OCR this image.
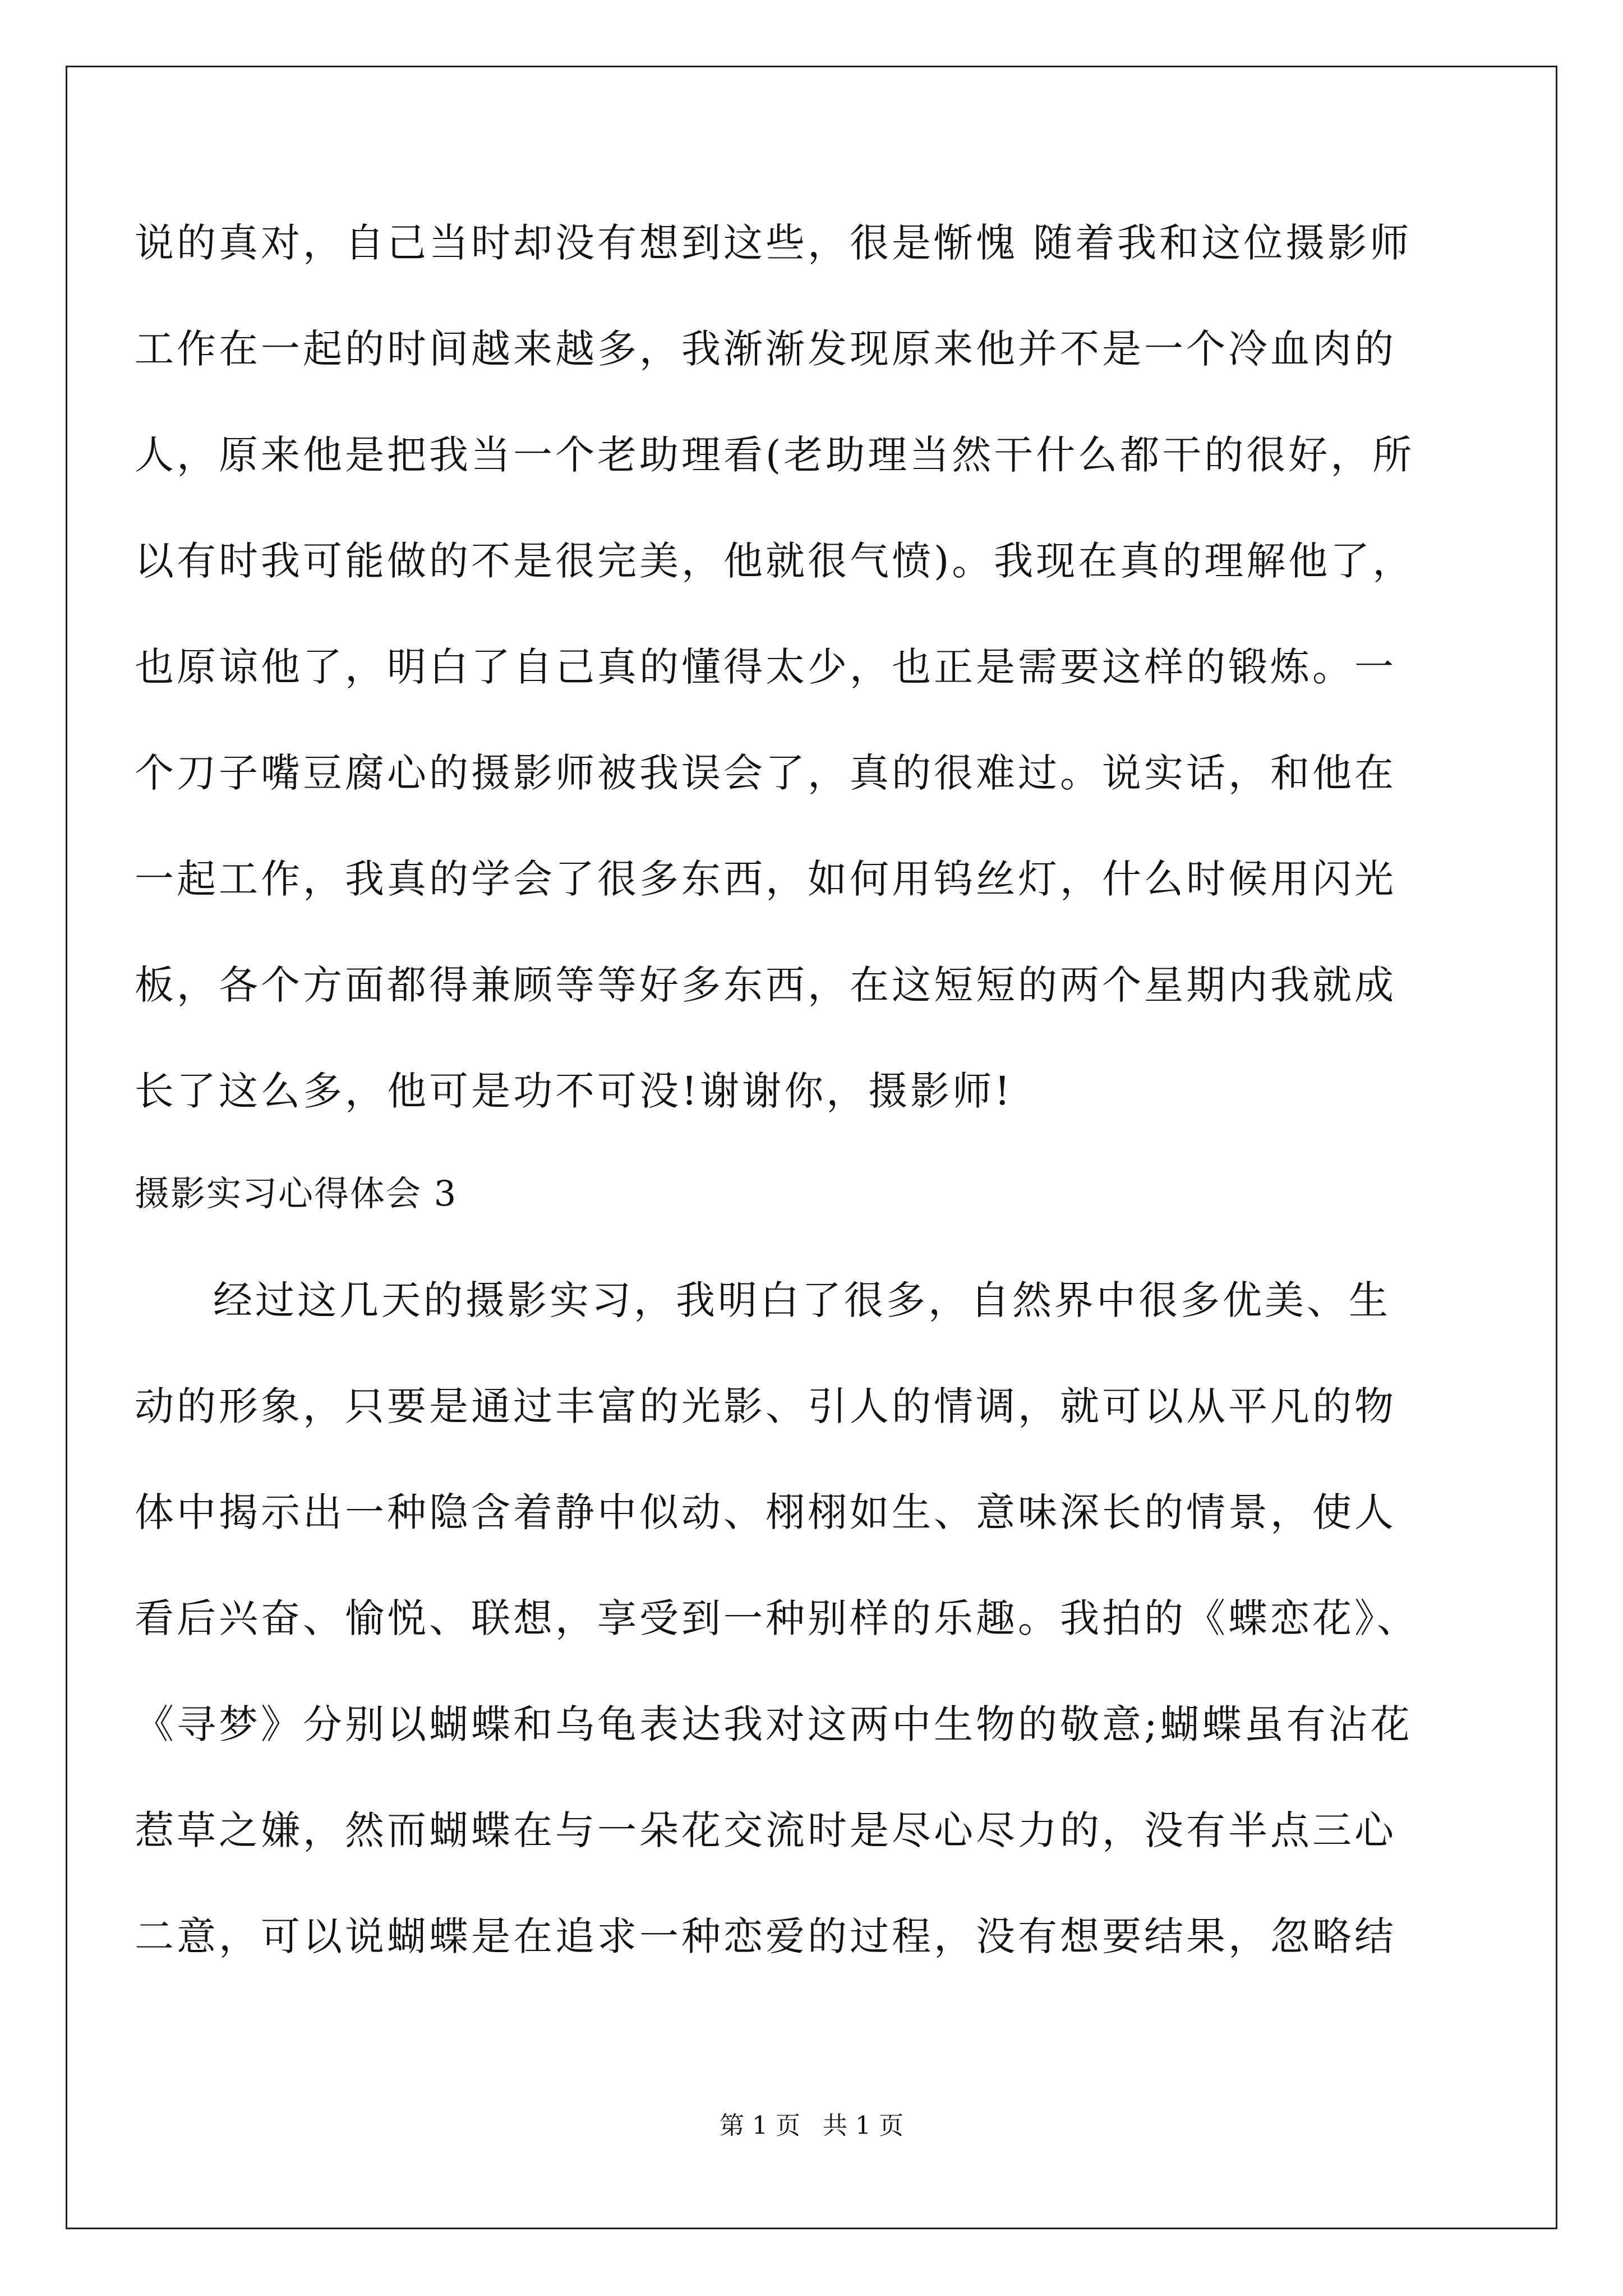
说的真对，自己当时却没有想到这些，很是惭愧 随着我和这位摄影师
工作在一起的时间越来越多，我渐渐发现原来他并不是一个冷血肉的
人，原来他是把我当一个老助理看(老助理当然干什么都干的很好，所
以有时我可能做的不是很完美，他就很气愤)。我现在真的理解他了，
也原谅他了，明白了自己真的懂得太少，也正是需要这样的锻炼。一
个刀子嘴豆腐心的摄影师被我误会了，真的很难过。说实话，和他在
一起工作，我真的学会了很多东西，如何用钨丝灯，什么时候用闪光
板，各个方面都得兼顾等等好多东西，在这短短的两个星期内我就成
长了这么多，他可是功不可没!谢谢你，摄影师!
摄影实习心得体会 3
经过这几天的摄影实习，我明白了很多，自然界中很多优美、生
动的形象，只要是通过丰富的光影、引人的情调，就可以从平凡的物
体中揭示出一种隐含着静中似动、栩栩如生、意味深长的情景，使人
看后兴奋、愉悦、联想，享受到一种别样的乐趣。我拍的《蝶恋花》、
《寻梦》分别以蝴蝶和乌龟表达我对这两中生物的敬意;蝴蝶虽有沾花
惹草之嫌，然而蝴蝶在与一朵花交流时是尽心尽力的，没有半点三心
二意，可以说蝴蝶是在追求一种恋爱的过程，没有想要结果，忽略结
第 1 页 共 1 页
